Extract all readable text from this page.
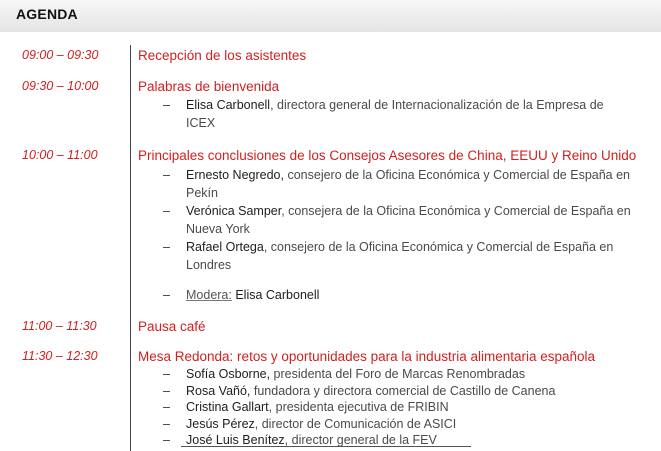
AGENDA
09:00 – 09:30	Recepción de los asistentes
09:30 – 10:00	Palabras de bienvenida
– Elisa Carbonell, directora general de Internacionalización de la Empresa de ICEX
10:00 – 11:00	Principales conclusiones de los Consejos Asesores de China, EEUU y Reino Unido
– Ernesto Negredo, consejero de la Oficina Económica y Comercial de España en Pekín
– Verónica Samper, consejera de la Oficina Económica y Comercial de España en Nueva York
– Rafael Ortega, consejero de la Oficina Económica y Comercial de España en Londres
– Modera: Elisa Carbonell
11:00 – 11:30	Pausa café
11:30 – 12:30	Mesa Redonda: retos y oportunidades para la industria alimentaria española
– Sofía Osborne, presidenta del Foro de Marcas Renombradas
– Rosa Vañó, fundadora y directora comercial de Castillo de Canena
– Cristina Gallart, presidenta ejecutiva de FRIBIN
– Jesús Pérez, director de Comunicación de ASICI
– José Luis Benítez, director general de la FEV
